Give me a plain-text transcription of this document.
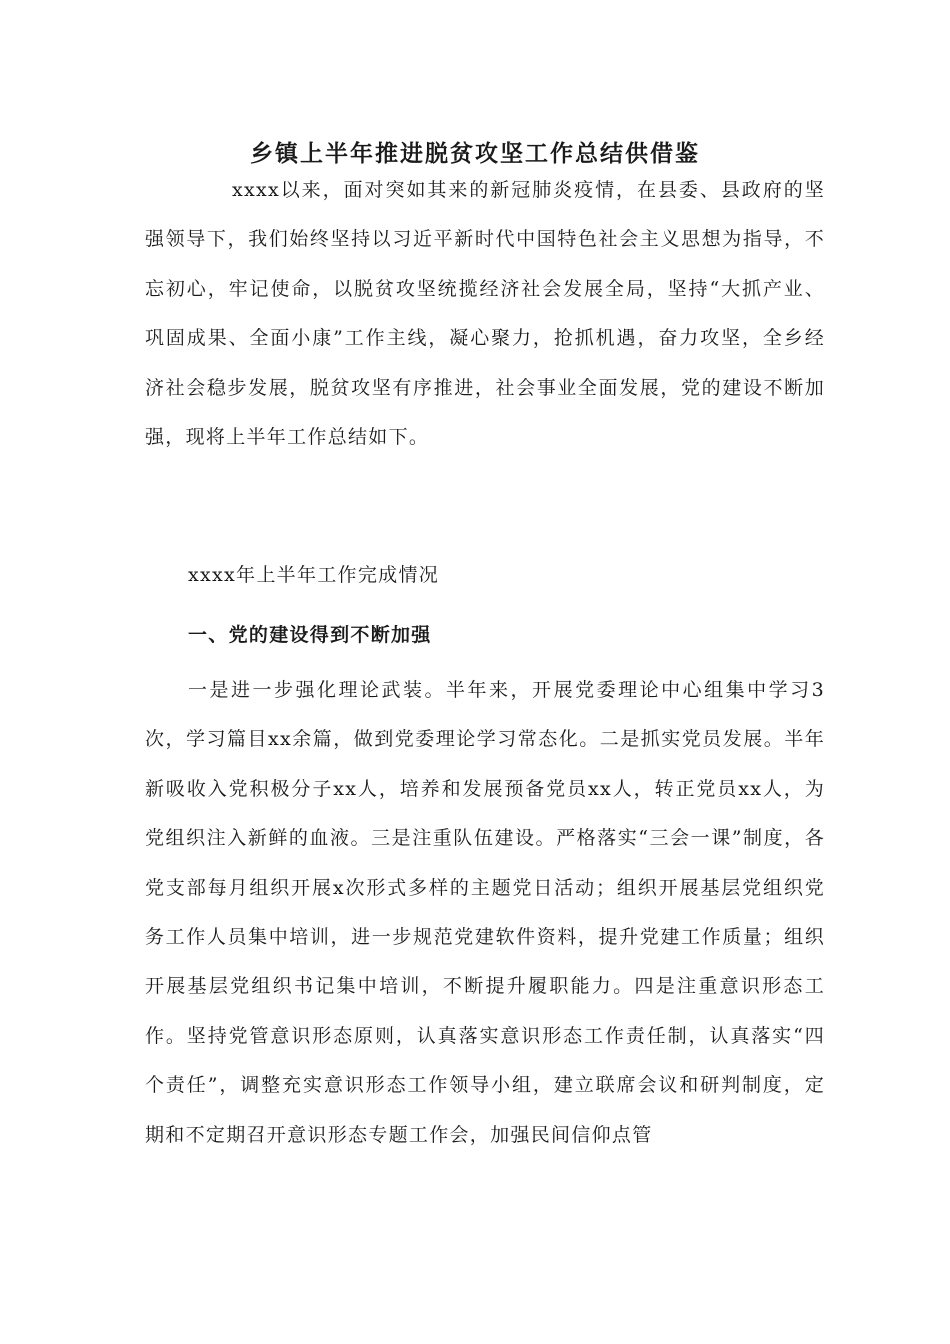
乡镇上半年推进脱贫攻坚工作总结供借鉴

xxxx以来，面对突如其来的新冠肺炎疫情，在县委、县政府的坚强领导下，我们始终坚持以习近平新时代中国特色社会主义思想为指导，不忘初心，牢记使命，以脱贫攻坚统揽经济社会发展全局，坚持“大抓产业、巩固成果、全面小康”工作主线，凝心聚力，抢抓机遇，奋力攻坚，全乡经济社会稳步发展，脱贫攻坚有序推进，社会事业全面发展，党的建设不断加强，现将上半年工作总结如下。

xxxx年上半年工作完成情况

一、党的建设得到不断加强

一是进一步强化理论武装。半年来，开展党委理论中心组集中学习3次，学习篇目xx余篇，做到党委理论学习常态化。二是抓实党员发展。半年新吸收入党积极分子xx人，培养和发展预备党员xx人，转正党员xx人，为党组织注入新鲜的血液。三是注重队伍建设。严格落实“三会一课”制度，各党支部每月组织开展x次形式多样的主题党日活动；组织开展基层党组织党务工作人员集中培训，进一步规范党建软件资料，提升党建工作质量；组织开展基层党组织书记集中培训，不断提升履职能力。四是注重意识形态工作。坚持党管意识形态原则，认真落实意识形态工作责任制，认真落实“四个责任”，调整充实意识形态工作领导小组，建立联席会议和研判制度，定期和不定期召开意识形态专题工作会，加强民间信仰点管
